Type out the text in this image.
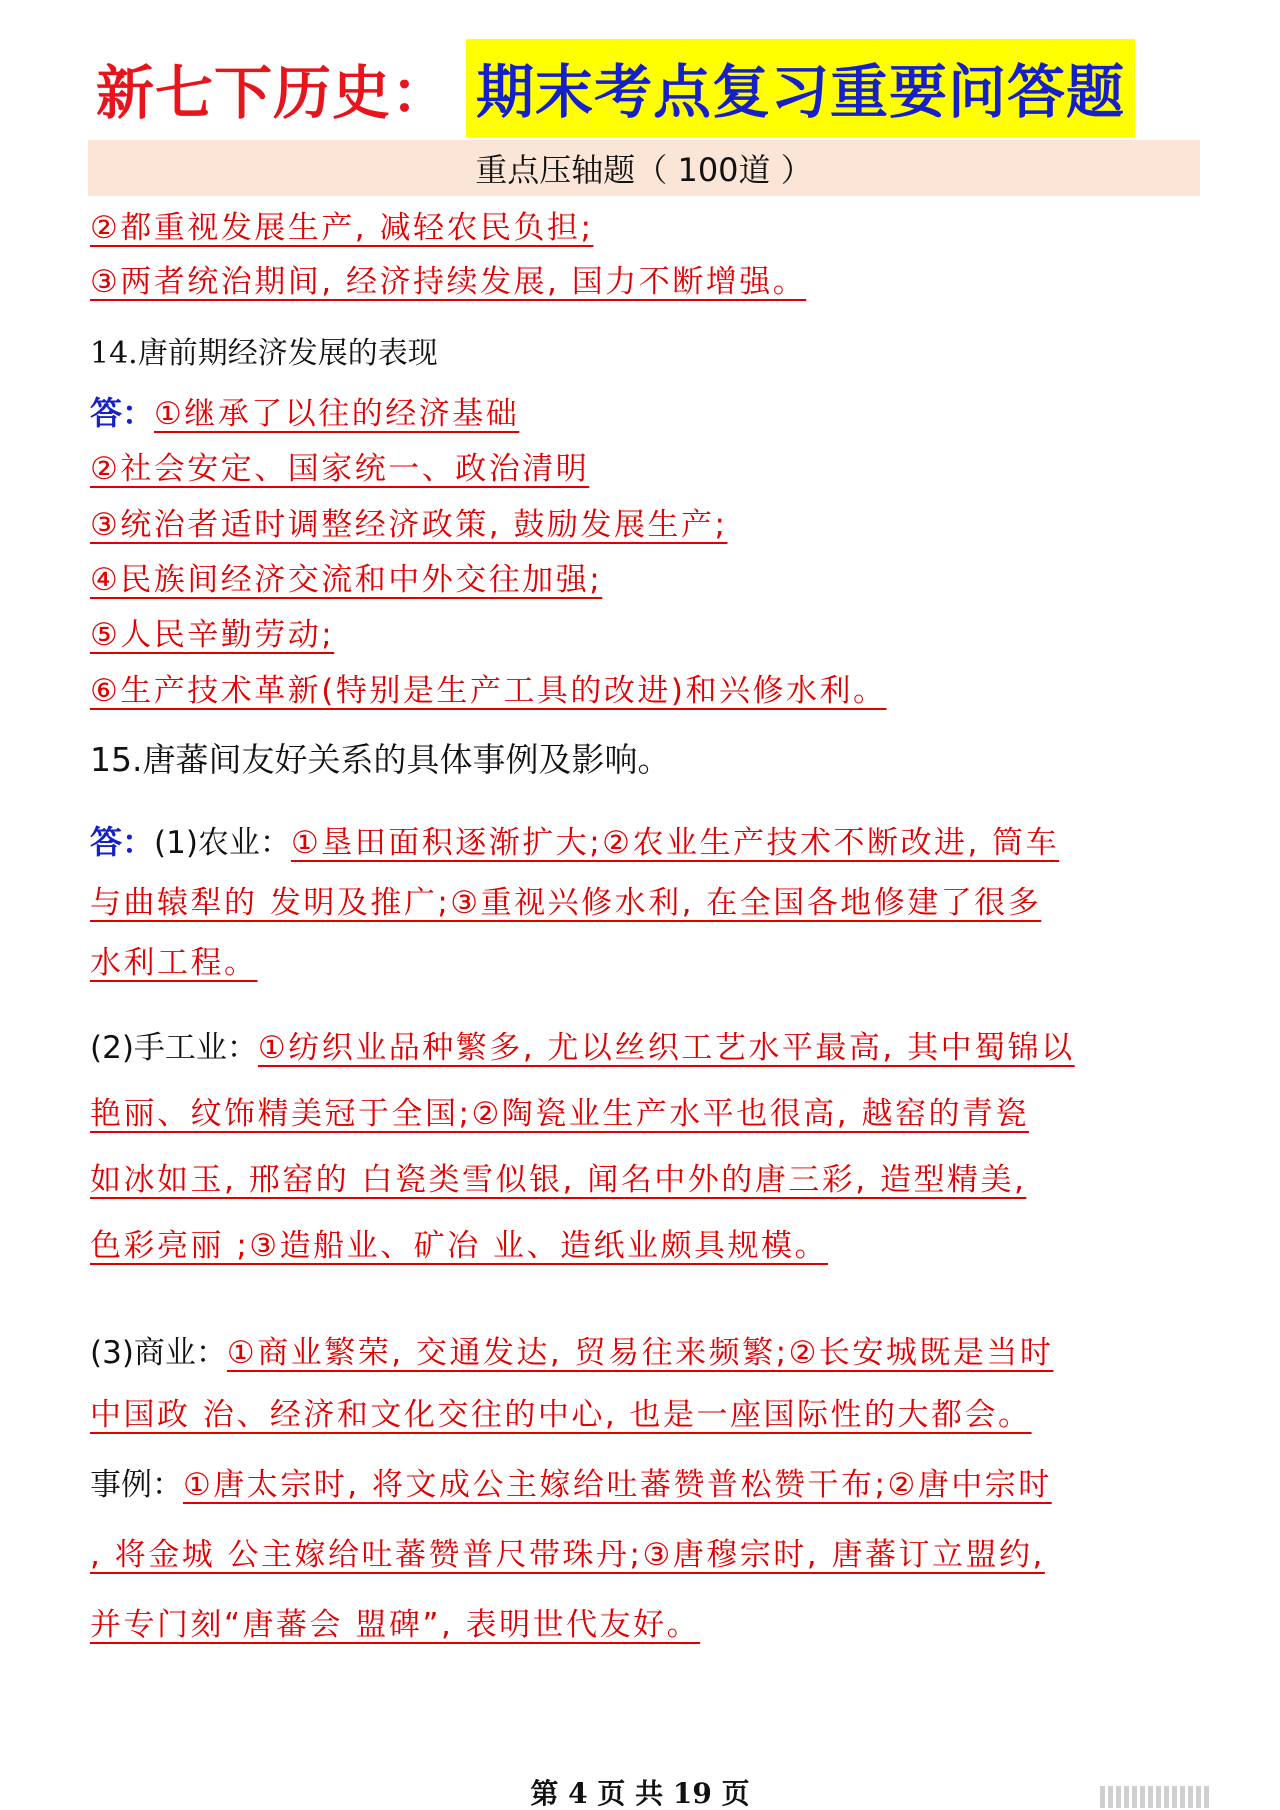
新七下历史： 期末考点复习重要问答题
重点压轴题（ 100道 ）
②都重视发展生产, 减轻农民负担;
③两者统治期间, 经济持续发展, 国力不断增强。
14.唐前期经济发展的表现
答：①继承了以往的经济基础
②社会安定、国家统一、政治清明
③统治者适时调整经济政策, 鼓励发展生产;
④民族间经济交流和中外交往加强;
⑤人民辛勤劳动;
⑥生产技术革新(特别是生产工具的改进)和兴修水利。
15.唐蕃间友好关系的具体事例及影响。
答：(1)农业：①垦田面积逐渐扩大;②农业生产技术不断改进, 筒车
与曲辕犁的 发明及推广;③重视兴修水利, 在全国各地修建了很多
水利工程。
(2)手工业：①纺织业品种繁多, 尤以丝织工艺水平最高, 其中蜀锦以
艳丽、纹饰精美冠于全国;②陶瓷业生产水平也很高, 越窑的青瓷
如冰如玉, 邢窑的 白瓷类雪似银, 闻名中外的唐三彩, 造型精美,
色彩亮丽 ;③造船业、矿冶 业、造纸业颇具规模。
(3)商业：①商业繁荣, 交通发达, 贸易往来频繁;②长安城既是当时
中国政 治、经济和文化交往的中心, 也是一座国际性的大都会。
事例：①唐太宗时, 将文成公主嫁给吐蕃赞普松赞干布;②唐中宗时
, 将金城 公主嫁给吐蕃赞普尺带珠丹;③唐穆宗时, 唐蕃订立盟约,
并专门刻“唐蕃会 盟碑”, 表明世代友好。
第 4 页 共 19 页
